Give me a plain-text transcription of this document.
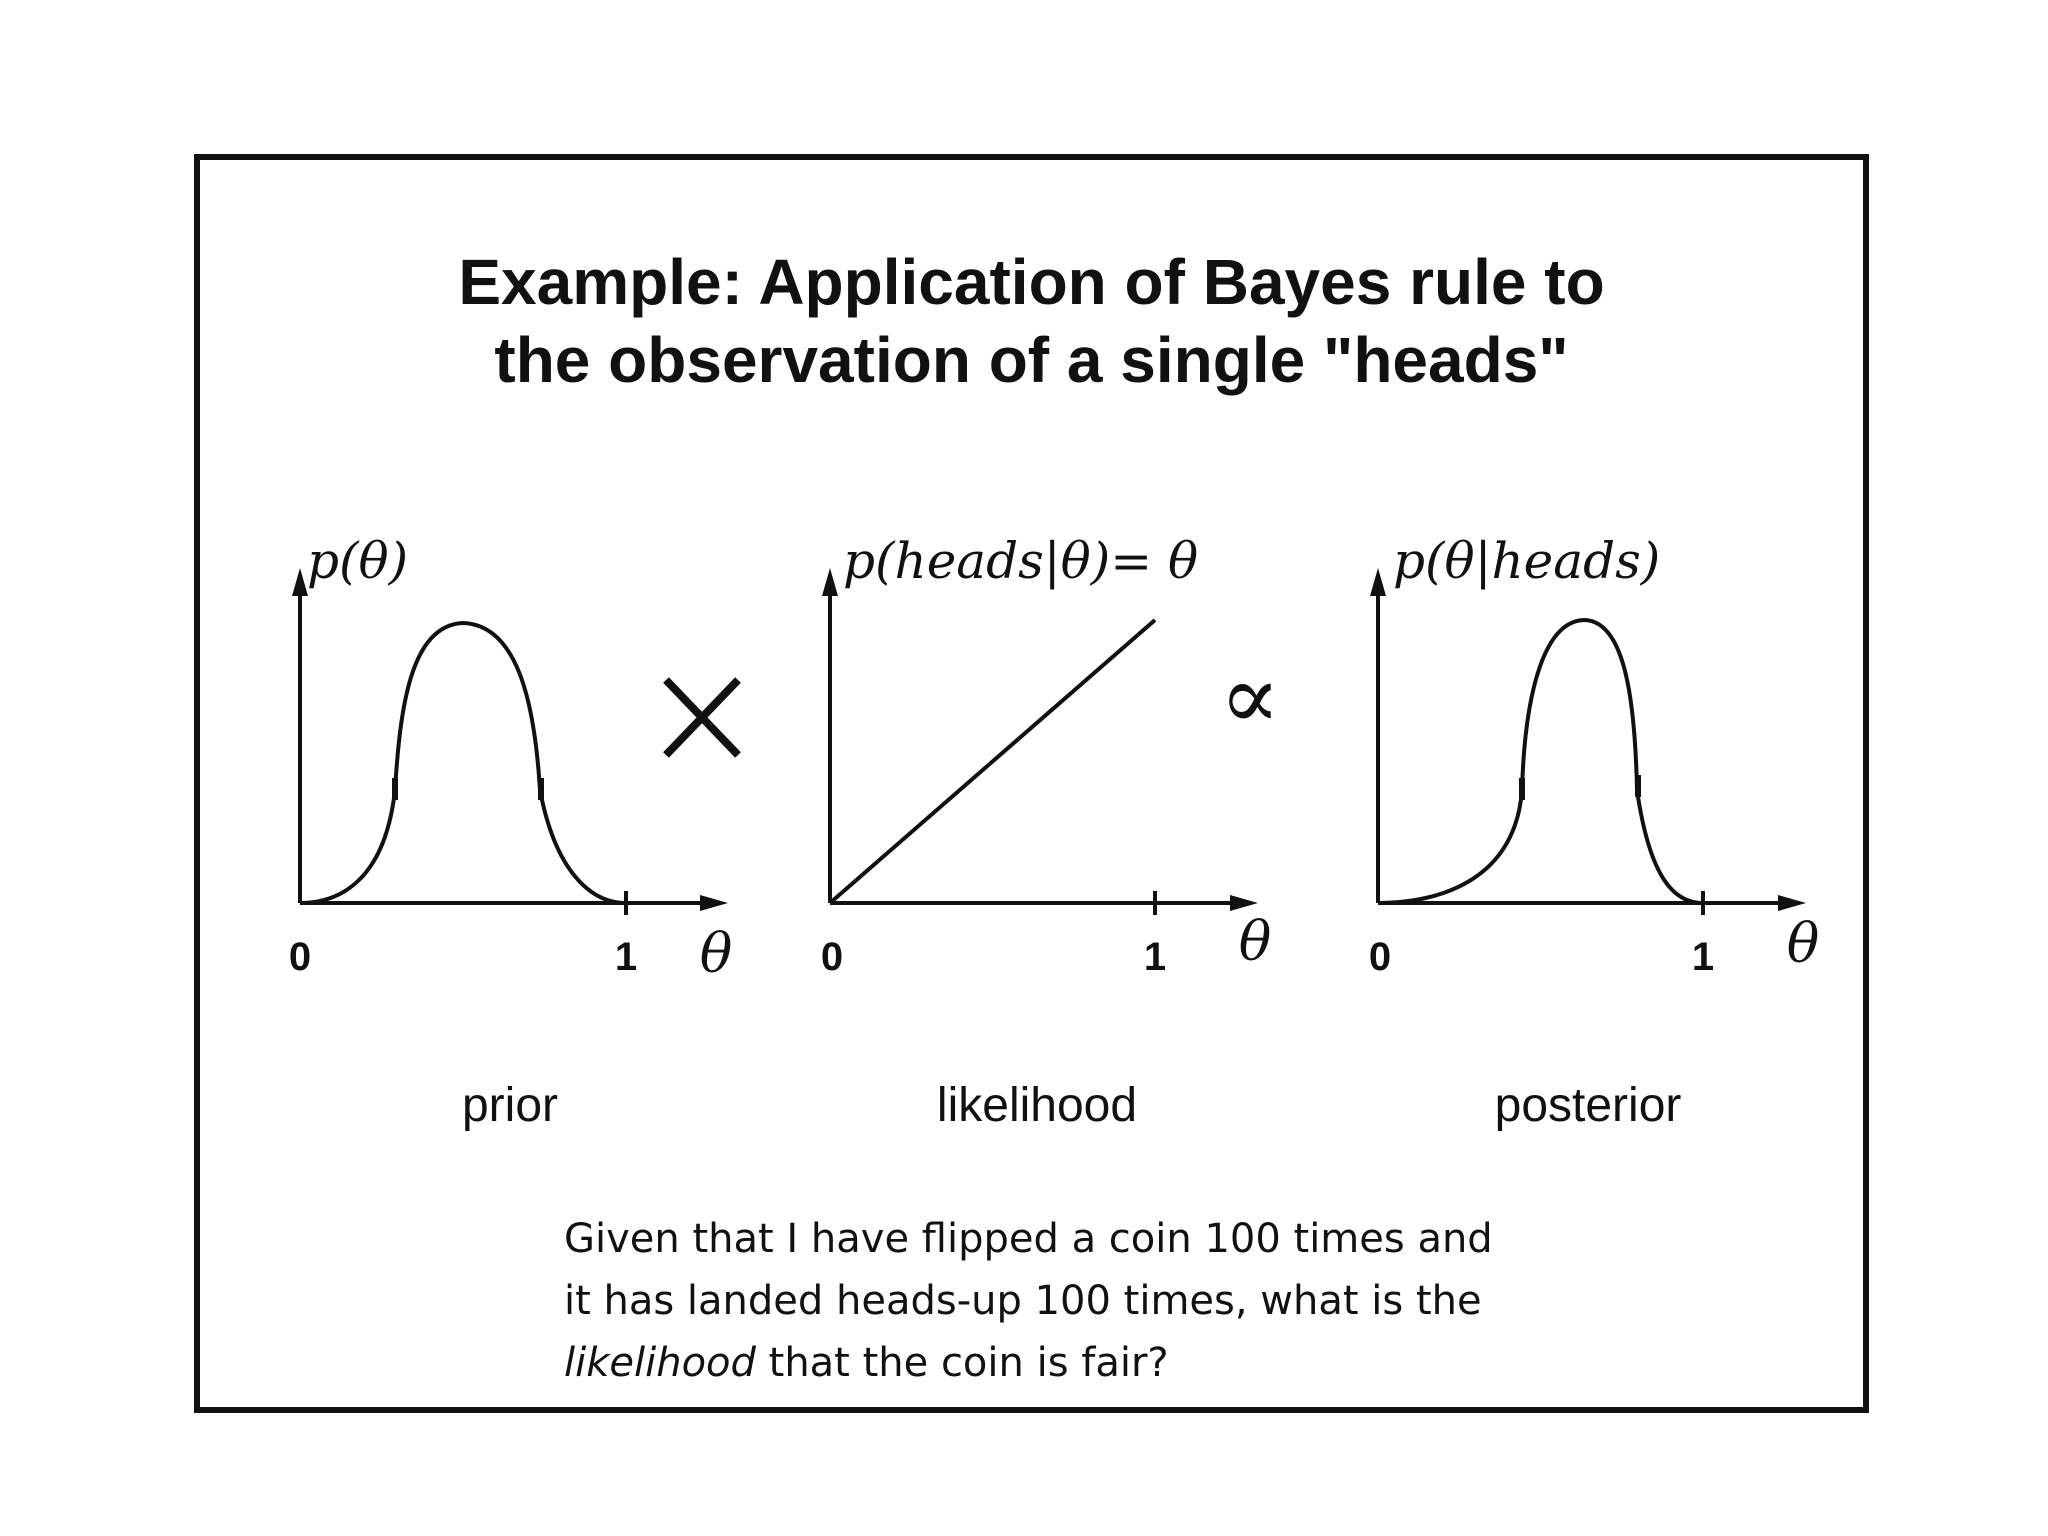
Example: Application of Bayes rule to
the observation of a single "heads"
p(θ)
0	1 θ
p(heads|θ)= θ
0	1 θ
∝
p(θ|heads)
0	1 θ
prior	likelihood	posterior
Given that I have flipped a coin 100 times and
it has landed heads-up 100 times, what is the
likelihood that the coin is fair?
